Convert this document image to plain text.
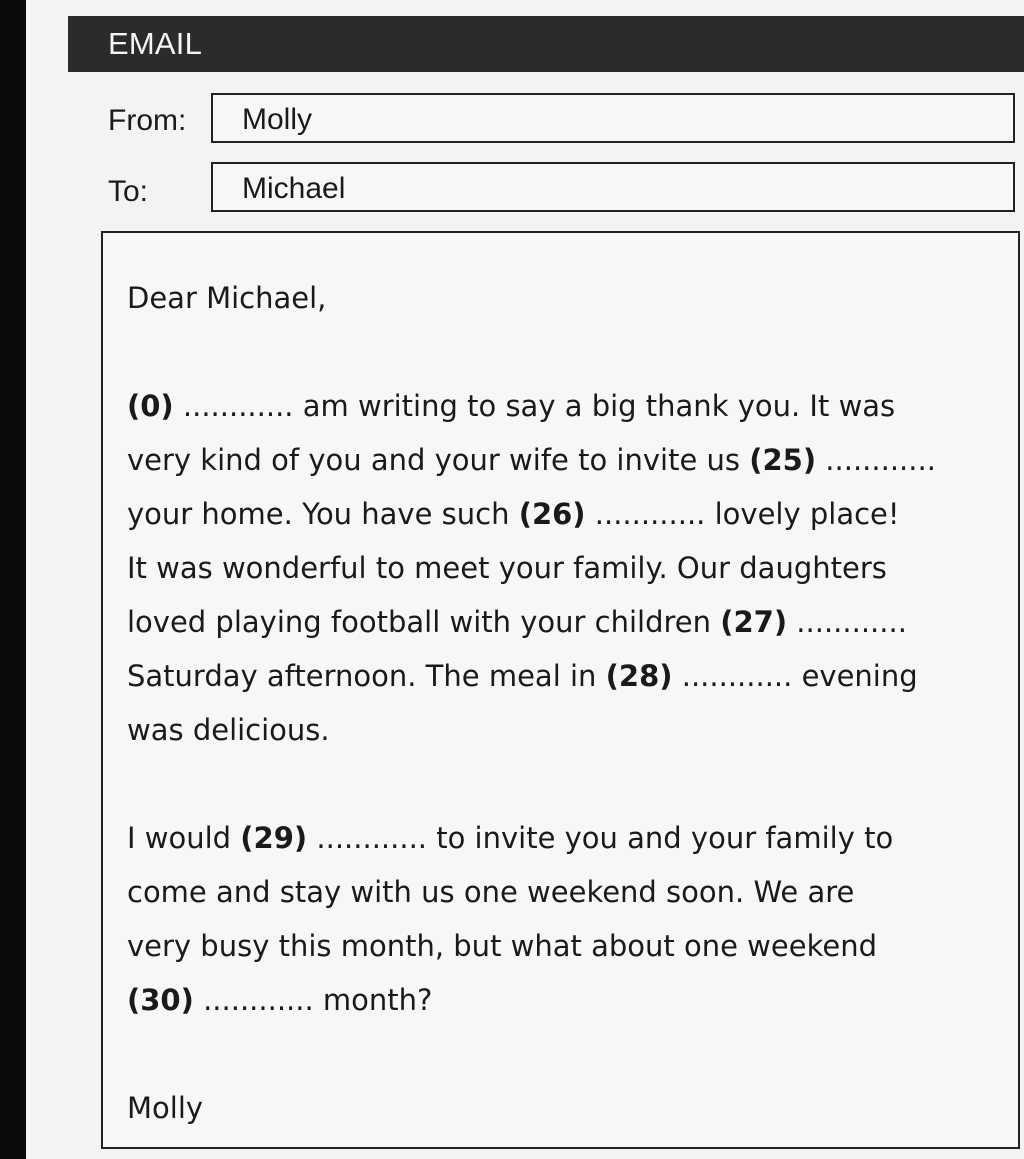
EMAIL
From: Molly
To:	Michael

Dear Michael,

(0) ............ am writing to say a big thank you. It was
very kind of you and your wife to invite us (25) ............
your home. You have such (26) ............ lovely place!
It was wonderful to meet your family. Our daughters
loved playing football with your children (27) ............
Saturday afternoon. The meal in (28) ............ evening
was delicious.

I would (29) ............ to invite you and your family to
come and stay with us one weekend soon. We are
very busy this month, but what about one weekend
(30) ............ month?

Molly
